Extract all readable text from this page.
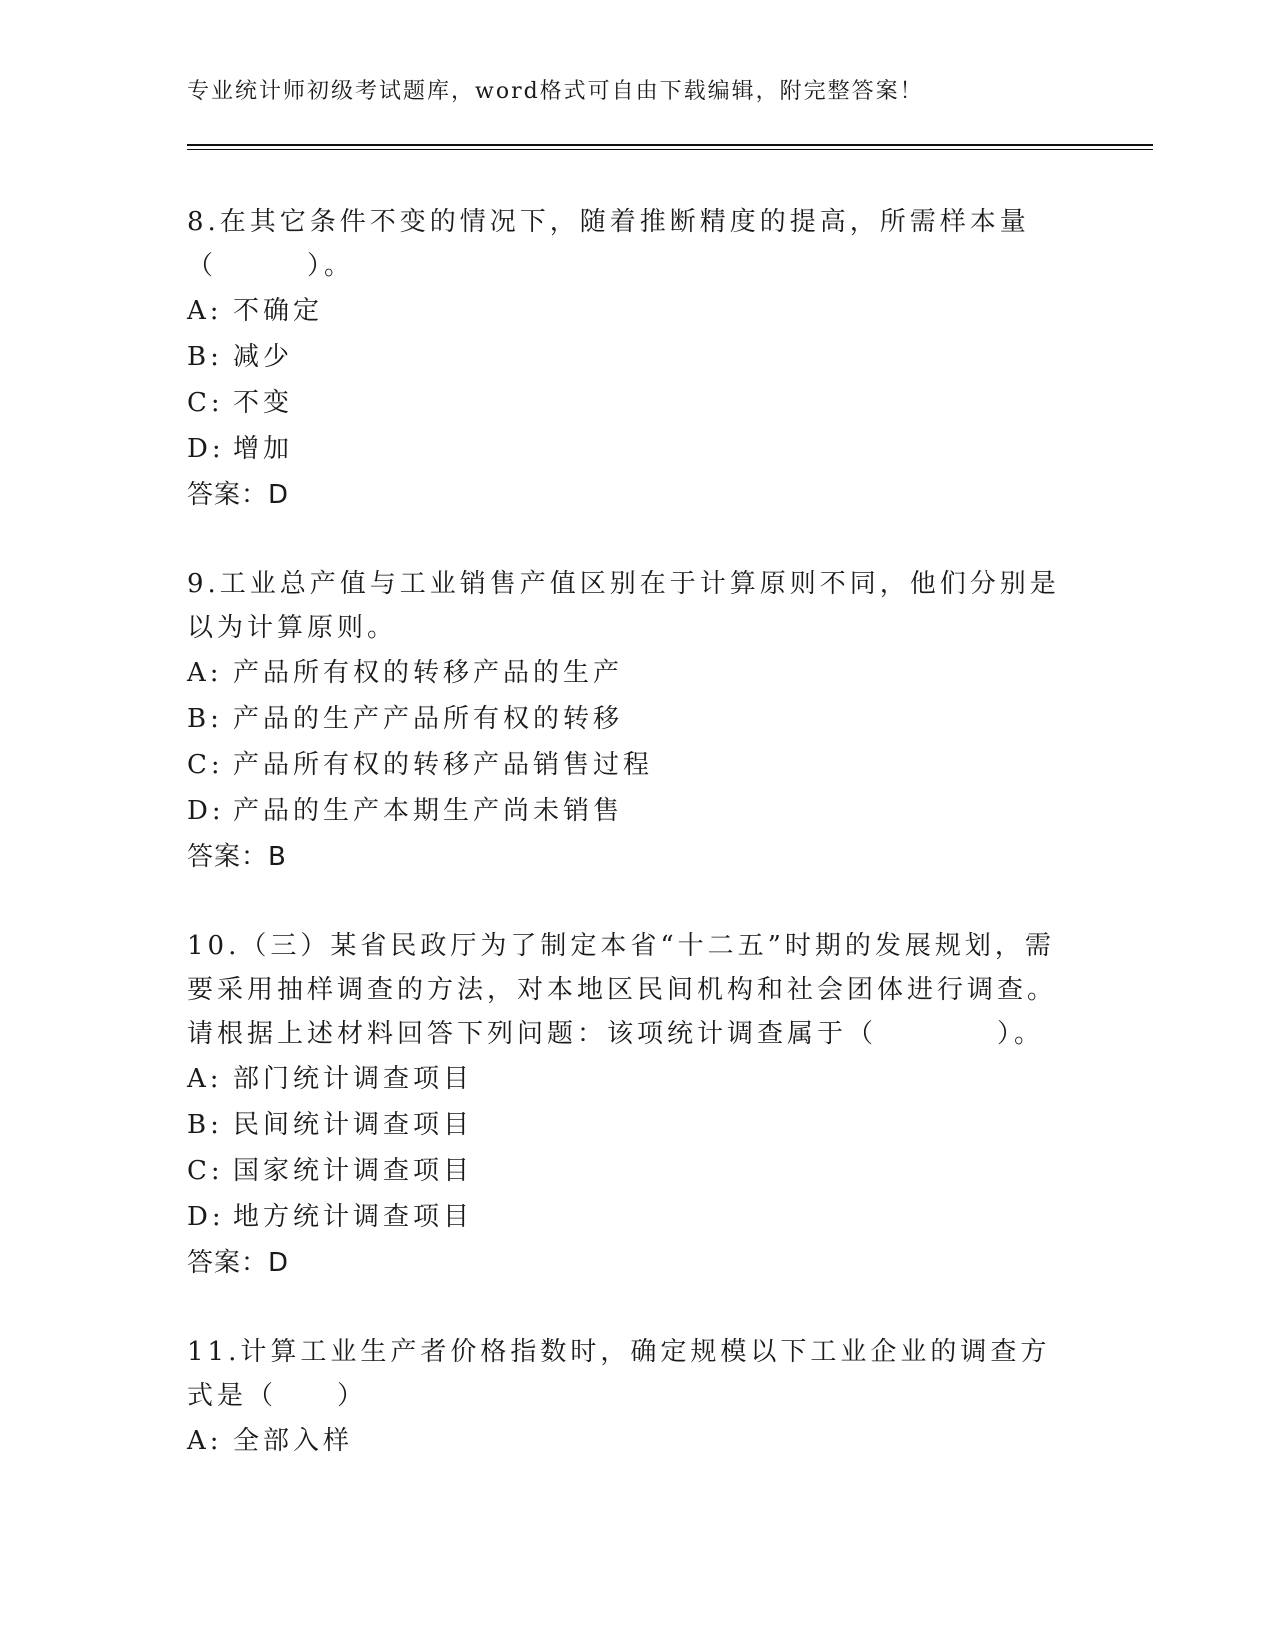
专业统计师初级考试题库，word格式可自由下载编辑，附完整答案！

8.在其它条件不变的情况下，随着推断精度的提高，所需样本量（　　　）。

A: 不确定
B: 减少
C: 不变
D: 增加
答案：D

9.工业总产值与工业销售产值区别在于计算原则不同，他们分别是以为计算原则。

A: 产品所有权的转移产品的生产
B: 产品的生产产品所有权的转移
C: 产品所有权的转移产品销售过程
D: 产品的生产本期生产尚未销售
答案：B

10.（三）某省民政厅为了制定本省“十二五”时期的发展规划，需要采用抽样调查的方法，对本地区民间机构和社会团体进行调查。请根据上述材料回答下列问题：该项统计调查属于（　　　　）。

A: 部门统计调查项目
B: 民间统计调查项目
C: 国家统计调查项目
D: 地方统计调查项目
答案：D

11.计算工业生产者价格指数时，确定规模以下工业企业的调查方式是（　　）

A: 全部入样
